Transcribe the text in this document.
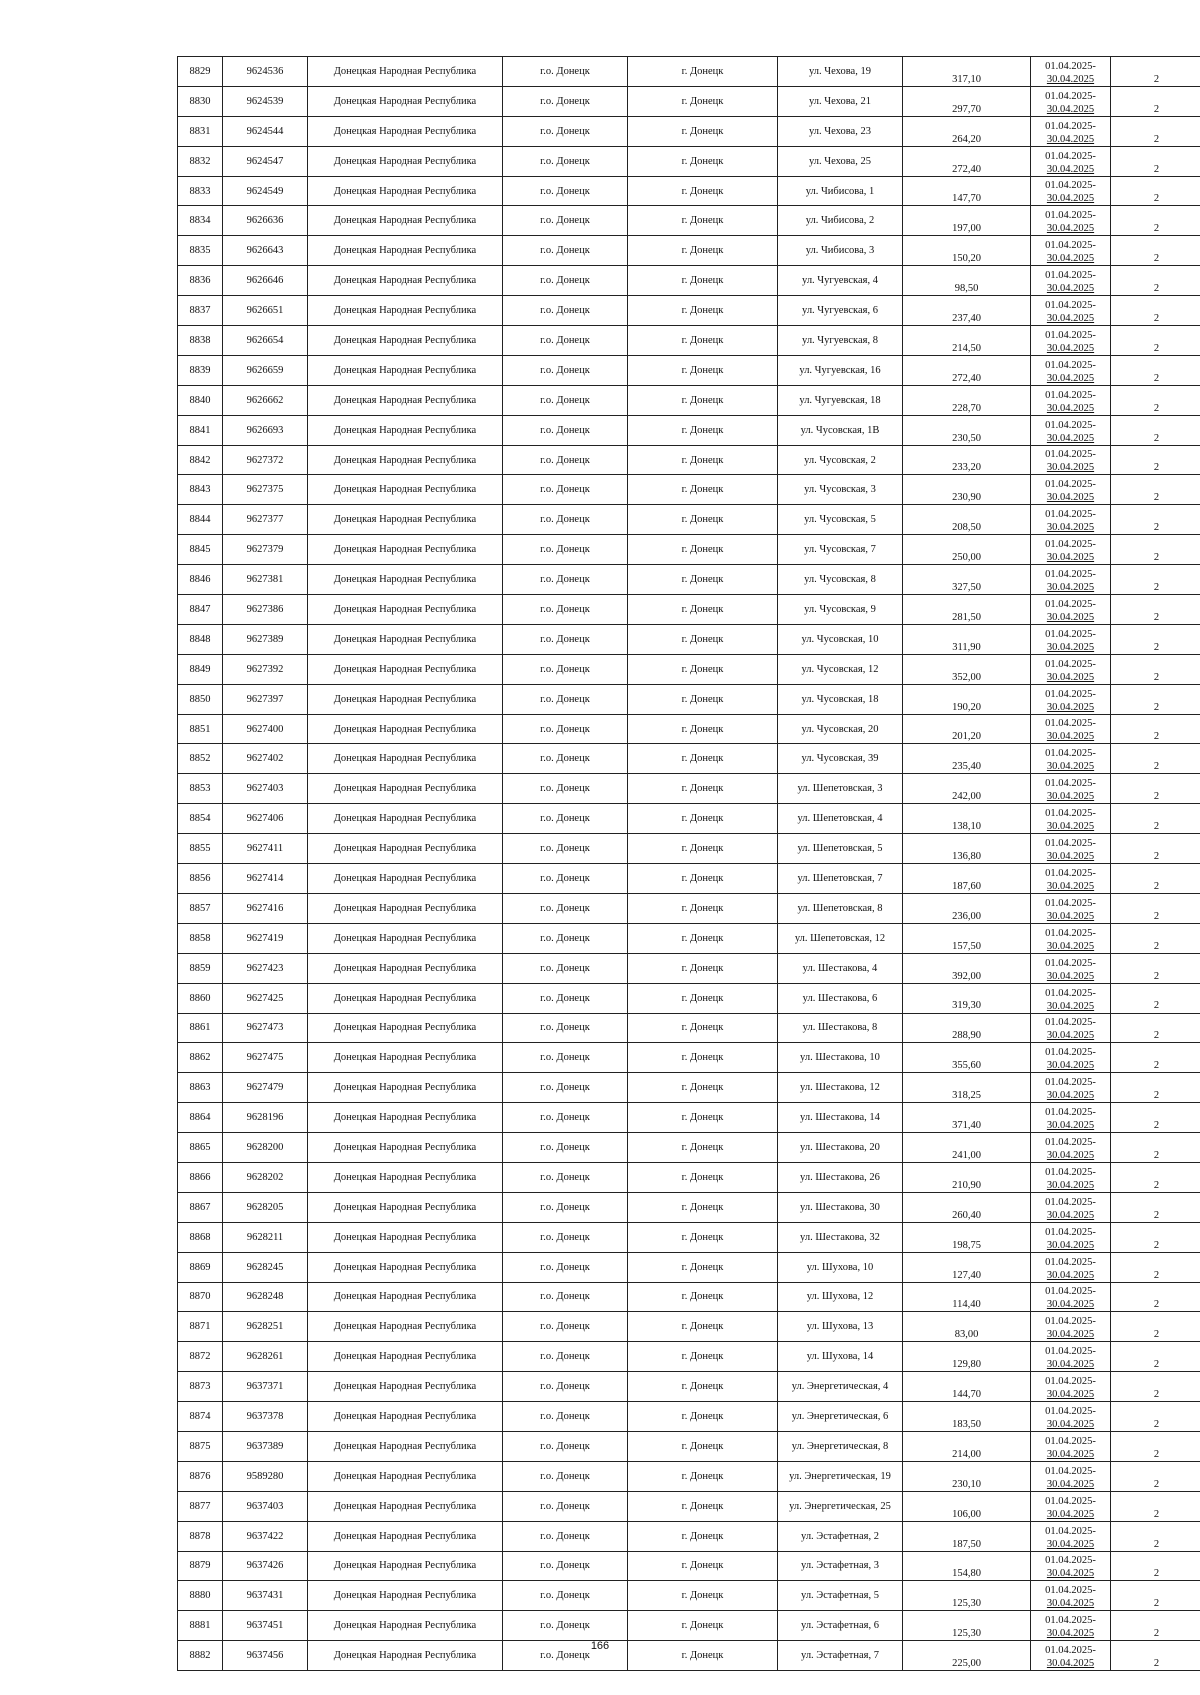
8829	9624536	Донецкая Народная Республика	г.о. Донецк	г. Донецк	ул. Чехова, 19	317,10	01.04.2025-
30.04.2025	2
8830	9624539	Донецкая Народная Республика	г.о. Донецк	г. Донецк	ул. Чехова, 21	297,70	01.04.2025-
30.04.2025	2
8831	9624544	Донецкая Народная Республика	г.о. Донецк	г. Донецк	ул. Чехова, 23	264,20	01.04.2025-
30.04.2025	2
8832	9624547	Донецкая Народная Республика	г.о. Донецк	г. Донецк	ул. Чехова, 25	272,40	01.04.2025-
30.04.2025	2
8833	9624549	Донецкая Народная Республика	г.о. Донецк	г. Донецк	ул. Чибисова, 1	147,70	01.04.2025-
30.04.2025	2
8834	9626636	Донецкая Народная Республика	г.о. Донецк	г. Донецк	ул. Чибисова, 2	197,00	01.04.2025-
30.04.2025	2
8835	9626643	Донецкая Народная Республика	г.о. Донецк	г. Донецк	ул. Чибисова, 3	150,20	01.04.2025-
30.04.2025	2
8836	9626646	Донецкая Народная Республика	г.о. Донецк	г. Донецк	ул. Чугуевская, 4	98,50	01.04.2025-
30.04.2025	2
8837	9626651	Донецкая Народная Республика	г.о. Донецк	г. Донецк	ул. Чугуевская, 6	237,40	01.04.2025-
30.04.2025	2
8838	9626654	Донецкая Народная Республика	г.о. Донецк	г. Донецк	ул. Чугуевская, 8	214,50	01.04.2025-
30.04.2025	2
8839	9626659	Донецкая Народная Республика	г.о. Донецк	г. Донецк	ул. Чугуевская, 16	272,40	01.04.2025-
30.04.2025	2
8840	9626662	Донецкая Народная Республика	г.о. Донецк	г. Донецк	ул. Чугуевская, 18	228,70	01.04.2025-
30.04.2025	2
8841	9626693	Донецкая Народная Республика	г.о. Донецк	г. Донецк	ул. Чусовская, 1В	230,50	01.04.2025-
30.04.2025	2
8842	9627372	Донецкая Народная Республика	г.о. Донецк	г. Донецк	ул. Чусовская, 2	233,20	01.04.2025-
30.04.2025	2
8843	9627375	Донецкая Народная Республика	г.о. Донецк	г. Донецк	ул. Чусовская, 3	230,90	01.04.2025-
30.04.2025	2
8844	9627377	Донецкая Народная Республика	г.о. Донецк	г. Донецк	ул. Чусовская, 5	208,50	01.04.2025-
30.04.2025	2
8845	9627379	Донецкая Народная Республика	г.о. Донецк	г. Донецк	ул. Чусовская, 7	250,00	01.04.2025-
30.04.2025	2
8846	9627381	Донецкая Народная Республика	г.о. Донецк	г. Донецк	ул. Чусовская, 8	327,50	01.04.2025-
30.04.2025	2
8847	9627386	Донецкая Народная Республика	г.о. Донецк	г. Донецк	ул. Чусовская, 9	281,50	01.04.2025-
30.04.2025	2
8848	9627389	Донецкая Народная Республика	г.о. Донецк	г. Донецк	ул. Чусовская, 10	311,90	01.04.2025-
30.04.2025	2
8849	9627392	Донецкая Народная Республика	г.о. Донецк	г. Донецк	ул. Чусовская, 12	352,00	01.04.2025-
30.04.2025	2
8850	9627397	Донецкая Народная Республика	г.о. Донецк	г. Донецк	ул. Чусовская, 18	190,20	01.04.2025-
30.04.2025	2
8851	9627400	Донецкая Народная Республика	г.о. Донецк	г. Донецк	ул. Чусовская, 20	201,20	01.04.2025-
30.04.2025	2
8852	9627402	Донецкая Народная Республика	г.о. Донецк	г. Донецк	ул. Чусовская, 39	235,40	01.04.2025-
30.04.2025	2
8853	9627403	Донецкая Народная Республика	г.о. Донецк	г. Донецк	ул. Шепетовская, 3	242,00	01.04.2025-
30.04.2025	2
8854	9627406	Донецкая Народная Республика	г.о. Донецк	г. Донецк	ул. Шепетовская, 4	138,10	01.04.2025-
30.04.2025	2
8855	9627411	Донецкая Народная Республика	г.о. Донецк	г. Донецк	ул. Шепетовская, 5	136,80	01.04.2025-
30.04.2025	2
8856	9627414	Донецкая Народная Республика	г.о. Донецк	г. Донецк	ул. Шепетовская, 7	187,60	01.04.2025-
30.04.2025	2
8857	9627416	Донецкая Народная Республика	г.о. Донецк	г. Донецк	ул. Шепетовская, 8	236,00	01.04.2025-
30.04.2025	2
8858	9627419	Донецкая Народная Республика	г.о. Донецк	г. Донецк	ул. Шепетовская, 12	157,50	01.04.2025-
30.04.2025	2
8859	9627423	Донецкая Народная Республика	г.о. Донецк	г. Донецк	ул. Шестакова, 4	392,00	01.04.2025-
30.04.2025	2
8860	9627425	Донецкая Народная Республика	г.о. Донецк	г. Донецк	ул. Шестакова, 6	319,30	01.04.2025-
30.04.2025	2
8861	9627473	Донецкая Народная Республика	г.о. Донецк	г. Донецк	ул. Шестакова, 8	288,90	01.04.2025-
30.04.2025	2
8862	9627475	Донецкая Народная Республика	г.о. Донецк	г. Донецк	ул. Шестакова, 10	355,60	01.04.2025-
30.04.2025	2
8863	9627479	Донецкая Народная Республика	г.о. Донецк	г. Донецк	ул. Шестакова, 12	318,25	01.04.2025-
30.04.2025	2
8864	9628196	Донецкая Народная Республика	г.о. Донецк	г. Донецк	ул. Шестакова, 14	371,40	01.04.2025-
30.04.2025	2
8865	9628200	Донецкая Народная Республика	г.о. Донецк	г. Донецк	ул. Шестакова, 20	241,00	01.04.2025-
30.04.2025	2
8866	9628202	Донецкая Народная Республика	г.о. Донецк	г. Донецк	ул. Шестакова, 26	210,90	01.04.2025-
30.04.2025	2
8867	9628205	Донецкая Народная Республика	г.о. Донецк	г. Донецк	ул. Шестакова, 30	260,40	01.04.2025-
30.04.2025	2
8868	9628211	Донецкая Народная Республика	г.о. Донецк	г. Донецк	ул. Шестакова, 32	198,75	01.04.2025-
30.04.2025	2
8869	9628245	Донецкая Народная Республика	г.о. Донецк	г. Донецк	ул. Шухова, 10	127,40	01.04.2025-
30.04.2025	2
8870	9628248	Донецкая Народная Республика	г.о. Донецк	г. Донецк	ул. Шухова, 12	114,40	01.04.2025-
30.04.2025	2
8871	9628251	Донецкая Народная Республика	г.о. Донецк	г. Донецк	ул. Шухова, 13	83,00	01.04.2025-
30.04.2025	2
8872	9628261	Донецкая Народная Республика	г.о. Донецк	г. Донецк	ул. Шухова, 14	129,80	01.04.2025-
30.04.2025	2
8873	9637371	Донецкая Народная Республика	г.о. Донецк	г. Донецк	ул. Энергетическая, 4	144,70	01.04.2025-
30.04.2025	2
8874	9637378	Донецкая Народная Республика	г.о. Донецк	г. Донецк	ул. Энергетическая, 6	183,50	01.04.2025-
30.04.2025	2
8875	9637389	Донецкая Народная Республика	г.о. Донецк	г. Донецк	ул. Энергетическая, 8	214,00	01.04.2025-
30.04.2025	2
8876	9589280	Донецкая Народная Республика	г.о. Донецк	г. Донецк	ул. Энергетическая, 19	230,10	01.04.2025-
30.04.2025	2
8877	9637403	Донецкая Народная Республика	г.о. Донецк	г. Донецк	ул. Энергетическая, 25	106,00	01.04.2025-
30.04.2025	2
8878	9637422	Донецкая Народная Республика	г.о. Донецк	г. Донецк	ул. Эстафетная, 2	187,50	01.04.2025-
30.04.2025	2
8879	9637426	Донецкая Народная Республика	г.о. Донецк	г. Донецк	ул. Эстафетная, 3	154,80	01.04.2025-
30.04.2025	2
8880	9637431	Донецкая Народная Республика	г.о. Донецк	г. Донецк	ул. Эстафетная, 5	125,30	01.04.2025-
30.04.2025	2
8881	9637451	Донецкая Народная Республика	г.о. Донецк	г. Донецк	ул. Эстафетная, 6	125,30	01.04.2025-
30.04.2025	2
8882	9637456	Донецкая Народная Республика	г.о. Донецк	г. Донецк	ул. Эстафетная, 7	225,00	01.04.2025-
30.04.2025	2
166
